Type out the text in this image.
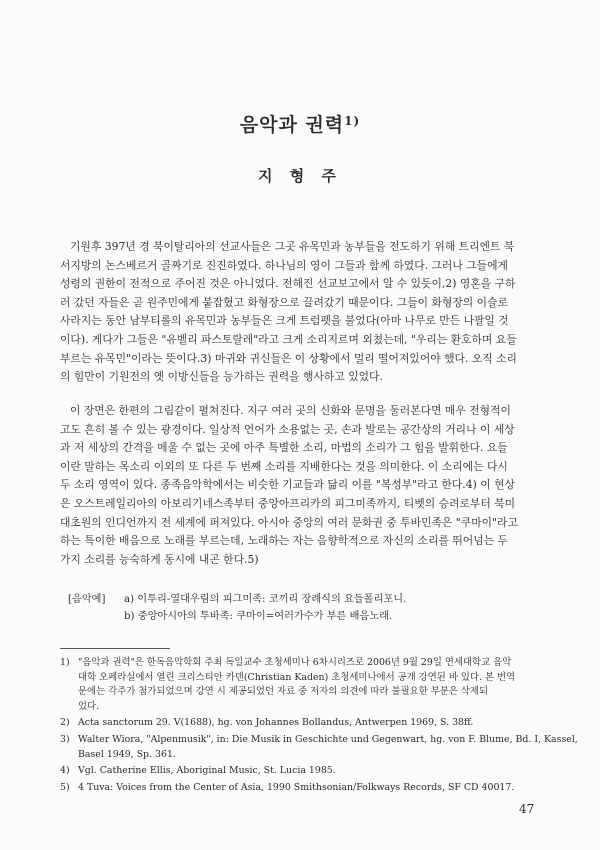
음악과 권력$^{1)}$
지 형 주
기원후 397년 경 북이탈리아의 선교사들은 그곳 유목민과 농부들을 전도하기 위해 트리엔트 북
서지방의 논스베르거 골짜기로 진진하였다. 하나님의 영이 그들과 함께 하였다. 그러나 그들에게
성령의 권한이 전적으로 주어진 것은 아니었다. 전해진 선교보고에서 알 수 있듯이,2) 영혼을 구하
러 갔던 자들은 곧 원주민에게 붙잡혔고 화형장으로 끌려갔기 때문이다. 그들이 화형장의 이슬로
사라지는 동안 남부티롤의 유목민과 농부들은 크게 트럼펫을 불었다(아마 나무로 만든 나팔일 것
이다). 게다가 그들은 "유벨리 파스토랄레"라고 크게 소리지르며 외쳤는데, "우리는 환호하며 요들
부르는 유목민"이라는 뜻이다.3) 마귀와 귀신들은 이 상황에서 멀리 떨어져있어야 했다. 오직 소리
의 힘만이 기원전의 옛 이방신들을 능가하는 권력을 행사하고 있었다.
이 장면은 한편의 그림같이 펼쳐진다. 지구 여러 곳의 신화와 문명을 둘러본다면 매우 전형적이
고도 흔히 볼 수 있는 광경이다. 일상적 언어가 소용없는 곳, 손과 발로는 공간상의 거리나 이 세상
과 저 세상의 간격을 메울 수 없는 곳에 아주 특별한 소리, 마법의 소리가 그 힘을 발휘한다. 요들
이란 말하는 목소리 이외의 또 다른 두 번째 소리를 지배한다는 것을 의미한다. 이 소리에는 다시
두 소리 영역이 있다. 종족음악학에서는 비슷한 기교들과 닮리 이를 "복성부"라고 한다.4) 이 현상
은 오스트레일리아의 아보리기네스족부터 중앙아프리카의 피그미족까지, 티벳의 승려로부터 북미
대초원의 인디언까지 전 세계에 퍼져있다. 아시아 중앙의 여러 문화권 중 투바민족은 "쿠마이"라고
하는 특이한 배음으로 노래를 부르는데, 노래하는 자는 음향학적으로 자신의 소리를 뛰어넘는 두
가지 소리를 능숙하게 동시에 내곤 한다.5)
[음악예]	a) 이투리-열대우림의 피그미족: 코끼리 장례식의 요들폴리포니.
b) 중앙아시아의 투바족: 쿠마이=여러가수가 부른 배음노래.
1) "음악과 권력"은 한독음악학회 주최 독일교수 초청세미나 6차시리즈로 2006년 9월 29일 연세대학교 음악
대학 오페라실에서 열린 크리스티안 카덴(Christian Kaden) 초청세미나에서 공개 강연된 바 있다. 본 번역
문에는 각주가 첨가되었으며 강연 시 제공되었던 자료 중 저자의 의견에 따라 불필요한 부분은 삭제되
었다.
2) Acta sanctorum 29. V(1688), hg. von Johannes Bollandus, Antwerpen 1969, S. 38ff.
3) Walter Wiora, "Alpenmusik", in: Die Musik in Geschichte und Gegenwart, hg. von F. Blume, Bd. I, Kassel,
Basel 1949, Sp. 361.
4) Vgl. Catherine Ellis, Aboriginal Music, St. Lucia 1985.
5) 4 Tuva: Voices from the Center of Asia, 1990 Smithsonian/Folkways Records, SF CD 40017.
47
